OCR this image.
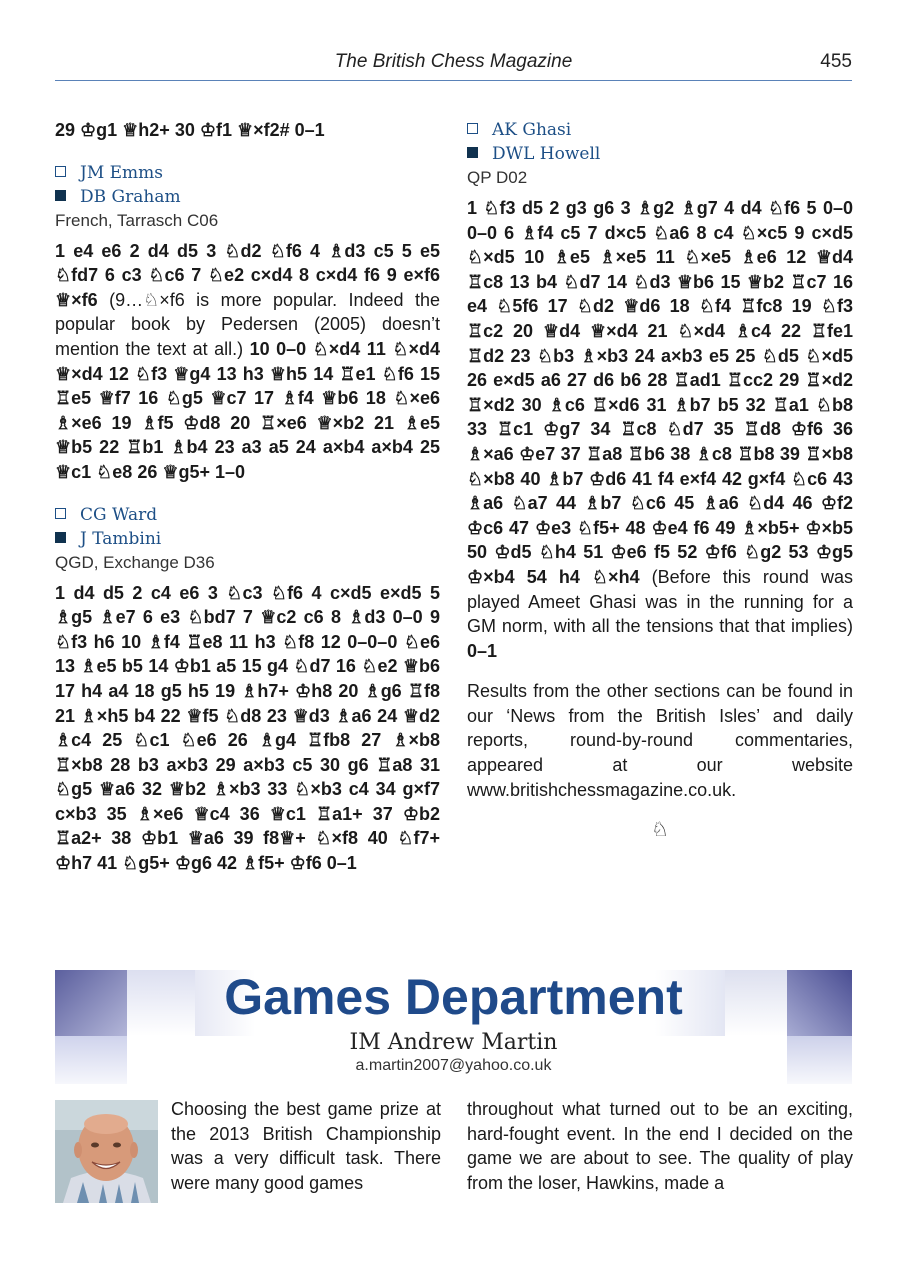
The British Chess Magazine	455

29 ♔g1 ♕h2+ 30 ♔f1 ♕×f2# 0–1

JM Emms

DB Graham

French, Tarrasch C06

1 e4 e6 2 d4 d5 3 ♘d2 ♘f6 4 ♗d3 c5 5 e5 ♘fd7 6 c3 ♘c6 7 ♘e2 c×d4 8 c×d4 f6 9 e×f6 ♕×f6 (9…♘×f6 is more popular. Indeed the popular book by Pedersen (2005) doesn’t mention the text at all.) 10 0–0 ♘×d4 11 ♘×d4 ♕×d4 12 ♘f3 ♕g4 13 h3 ♕h5 14 ♖e1 ♘f6 15 ♖e5 ♕f7 16 ♘g5 ♕c7 17 ♗f4 ♕b6 18 ♘×e6 ♗×e6 19 ♗f5 ♔d8 20 ♖×e6 ♕×b2 21 ♗e5 ♕b5 22 ♖b1 ♗b4 23 a3 a5 24 a×b4 a×b4 25 ♕c1 ♘e8 26 ♕g5+ 1–0

CG Ward

J Tambini

QGD, Exchange D36

1 d4 d5 2 c4 e6 3 ♘c3 ♘f6 4 c×d5 e×d5 5 ♗g5 ♗e7 6 e3 ♘bd7 7 ♕c2 c6 8 ♗d3 0–0 9 ♘f3 h6 10 ♗f4 ♖e8 11 h3 ♘f8 12 0–0–0 ♘e6 13 ♗e5 b5 14 ♔b1 a5 15 g4 ♘d7 16 ♘e2 ♕b6 17 h4 a4 18 g5 h5 19 ♗h7+ ♔h8 20 ♗g6 ♖f8 21 ♗×h5 b4 22 ♕f5 ♘d8 23 ♕d3 ♗a6 24 ♕d2 ♗c4 25 ♘c1 ♘e6 26 ♗g4 ♖fb8 27 ♗×b8 ♖×b8 28 b3 a×b3 29 a×b3 c5 30 g6 ♖a8 31 ♘g5 ♕a6 32 ♕b2 ♗×b3 33 ♘×b3 c4 34 g×f7 c×b3 35 ♗×e6 ♕c4 36 ♕c1 ♖a1+ 37 ♔b2 ♖a2+ 38 ♔b1 ♕a6 39 f8♕+ ♘×f8 40 ♘f7+ ♔h7 41 ♘g5+ ♔g6 42 ♗f5+ ♔f6 0–1

AK Ghasi

DWL Howell

QP D02

1 ♘f3 d5 2 g3 g6 3 ♗g2 ♗g7 4 d4 ♘f6 5 0–0 0–0 6 ♗f4 c5 7 d×c5 ♘a6 8 c4 ♘×c5 9 c×d5 ♘×d5 10 ♗e5 ♗×e5 11 ♘×e5 ♗e6 12 ♕d4 ♖c8 13 b4 ♘d7 14 ♘d3 ♕b6 15 ♕b2 ♖c7 16 e4 ♘5f6 17 ♘d2 ♕d6 18 ♘f4 ♖fc8 19 ♘f3 ♖c2 20 ♕d4 ♕×d4 21 ♘×d4 ♗c4 22 ♖fe1 ♖d2 23 ♘b3 ♗×b3 24 a×b3 e5 25 ♘d5 ♘×d5 26 e×d5 a6 27 d6 b6 28 ♖ad1 ♖cc2 29 ♖×d2 ♖×d2 30 ♗c6 ♖×d6 31 ♗b7 b5 32 ♖a1 ♘b8 33 ♖c1 ♔g7 34 ♖c8 ♘d7 35 ♖d8 ♔f6 36 ♗×a6 ♔e7 37 ♖a8 ♖b6 38 ♗c8 ♖b8 39 ♖×b8 ♘×b8 40 ♗b7 ♔d6 41 f4 e×f4 42 g×f4 ♘c6 43 ♗a6 ♘a7 44 ♗b7 ♘c6 45 ♗a6 ♘d4 46 ♔f2 ♔c6 47 ♔e3 ♘f5+ 48 ♔e4 f6 49 ♗×b5+ ♔×b5 50 ♔d5 ♘h4 51 ♔e6 f5 52 ♔f6 ♘g2 53 ♔g5 ♔×b4 54 h4 ♘×h4 (Before this round was played Ameet Ghasi was in the running for a GM norm, with all the tensions that that implies) 0–1

Results from the other sections can be found in our ‘News from the British Isles’ and daily reports, round-by-round commentaries, appeared at our website www.britishchessmagazine.co.uk.

♘
Games Department
IM Andrew Martin
a.martin2007@yahoo.co.uk

Choosing the best game prize at the 2013 British Championship was a very difficult task. There were many good games

throughout what turned out to be an exciting, hard-fought event. In the end I decided on the game we are about to see. The quality of play from the loser, Hawkins, made a
